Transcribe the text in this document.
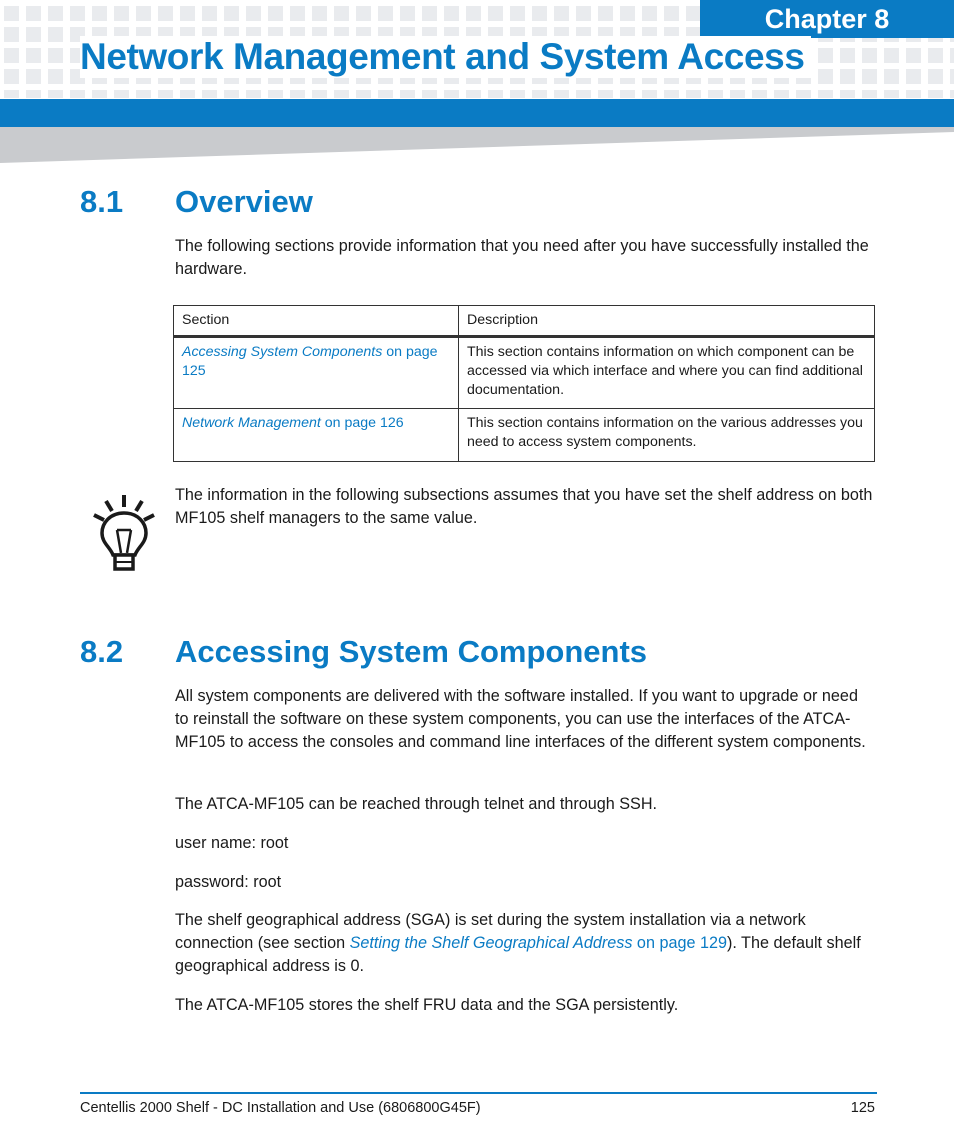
Chapter 8
Network Management and System Access
8.1 Overview

The following sections provide information that you need after you have successfully installed the hardware.

Section	Description
Accessing System Components on page 125	This section contains information on which component can be accessed via which interface and where you can find additional documentation.
Network Management on page 126	This section contains information on the various addresses you need to access system components.

The information in the following subsections assumes that you have set the shelf address on both MF105 shelf managers to the same value.

8.2 Accessing System Components

All system components are delivered with the software installed. If you want to upgrade or need to reinstall the software on these system components, you can use the interfaces of the ATCA-MF105 to access the consoles and command line interfaces of the different system components.

The ATCA-MF105 can be reached through telnet and through SSH.

user name: root

password: root

The shelf geographical address (SGA) is set during the system installation via a network connection (see section Setting the Shelf Geographical Address on page 129). The default shelf geographical address is 0.

The ATCA-MF105 stores the shelf FRU data and the SGA persistently.

Centellis 2000 Shelf - DC Installation and Use (6806800G45F)	125
